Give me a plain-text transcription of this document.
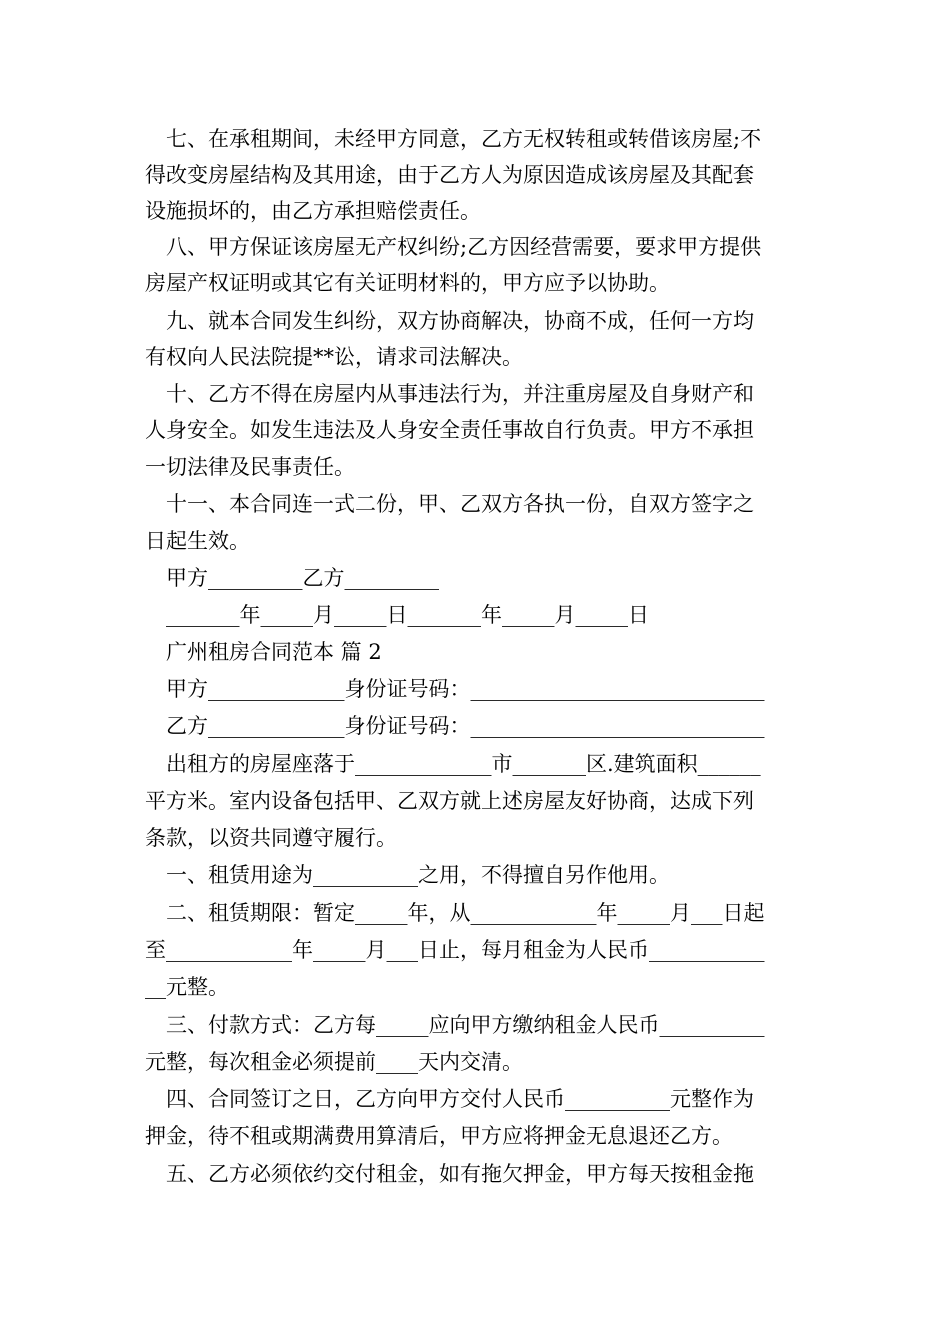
七、在承租期间，未经甲方同意，乙方无权转租或转借该房屋;不
得改变房屋结构及其用途，由于乙方人为原因造成该房屋及其配套
设施损坏的，由乙方承担赔偿责任。
八、甲方保证该房屋无产权纠纷;乙方因经营需要，要求甲方提供
房屋产权证明或其它有关证明材料的，甲方应予以协助。
九、就本合同发生纠纷，双方协商解决，协商不成，任何一方均
有权向人民法院提**讼，请求司法解决。
十、乙方不得在房屋内从事违法行为，并注重房屋及自身财产和
人身安全。如发生违法及人身安全责任事故自行负责。甲方不承担
一切法律及民事责任。
十一、本合同连一式二份，甲、乙双方各执一份，自双方签字之
日起生效。
甲方_________乙方_________
_______年_____月_____日_______年_____月_____日
广州租房合同范本 篇 2
甲方_____________身份证号码：____________________________
乙方_____________身份证号码：____________________________
出租方的房屋座落于_____________市_______区.建筑面积______
平方米。室内设备包括甲、乙双方就上述房屋友好协商，达成下列
条款，以资共同遵守履行。
一、租赁用途为__________之用，不得擅自另作他用。
二、租赁期限：暂定_____年，从____________年_____月___日起
至____________年_____月___日止，每月租金为人民币___________
__元整。
三、付款方式：乙方每_____应向甲方缴纳租金人民币__________
元整，每次租金必须提前____天内交清。
四、合同签订之日，乙方向甲方交付人民币__________元整作为
押金，待不租或期满费用算清后，甲方应将押金无息退还乙方。
五、乙方必须依约交付租金，如有拖欠押金，甲方每天按租金拖
